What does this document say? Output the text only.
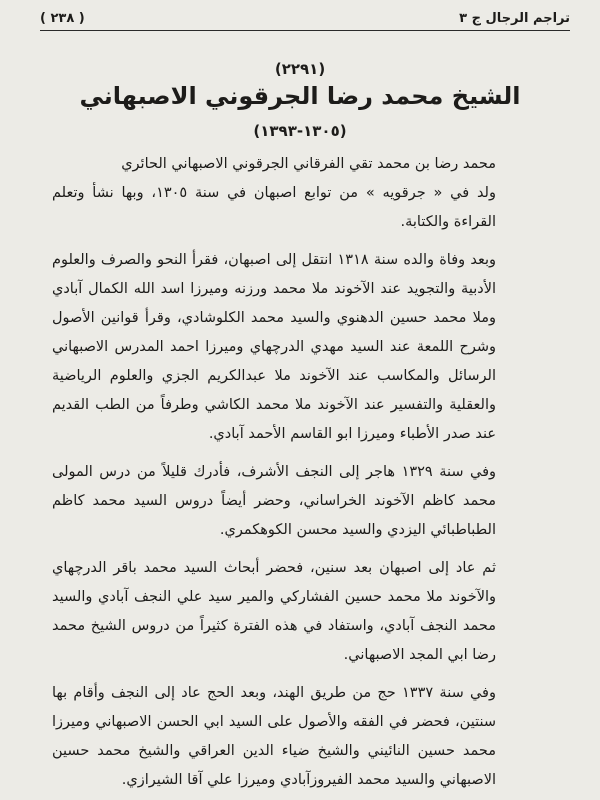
تراجم الرجال ج ٣
( ٢٣٨ )
(٢٢٩١)
الشيخ محمد رضا الجرقوني الاصبهاني
(١٣٠٥-١٣٩٣)

محمد رضا بن محمد تقي الفرقاني الجرقوني الاصبهاني الحائري

ولد في « جرقويه » من توابع اصبهان في سنة ١٣٠٥، وبها نشأ وتعلم القراءة والكتابة.

وبعد وفاة والده سنة ١٣١٨ انتقل إلى اصبهان، فقرأ النحو والصرف والعلوم الأدبية والتجويد عند الآخوند ملا محمد ورزنه وميرزا اسد الله الكمال آبادي وملا محمد حسين الدهنوي والسيد محمد الكلوشادي، وقرأ قوانين الأصول وشرح اللمعة عند السيد مهدي الدرچهاي وميرزا احمد المدرس الاصبهاني الرسائل والمكاسب عند الآخوند ملا عبدالكريم الجزي والعلوم الرياضية والعقلية والتفسير عند الآخوند ملا محمد الكاشي وطرفاً من الطب القديم عند صدر الأطباء وميرزا ابو القاسم الأحمد آبادي.

وفي سنة ١٣٢٩ هاجر إلى النجف الأشرف، فأدرك قليلاً من درس المولى محمد كاظم الآخوند الخراساني، وحضر أيضاً دروس السيد محمد كاظم الطباطبائي اليزدي والسيد محسن الكوهكمري.

ثم عاد إلى اصبهان بعد سنين، فحضر أبحاث السيد محمد باقر الدرچهاي والآخوند ملا محمد حسين الفشاركي والمير سيد علي النجف آبادي والسيد محمد النجف آبادي، واستفاد في هذه الفترة كثيراً من دروس الشيخ محمد رضا ابي المجد الاصبهاني.

وفي سنة ١٣٣٧ حج من طريق الهند، وبعد الحج عاد إلى النجف وأقام بها سنتين، فحضر في الفقه والأصول على السيد ابي الحسن الاصبهاني وميرزا محمد حسين النائيني والشيخ ضياء الدين العراقي والشيخ محمد حسين الاصبهاني والسيد محمد الفيروزآبادي وميرزا علي آقا الشيرازي.
